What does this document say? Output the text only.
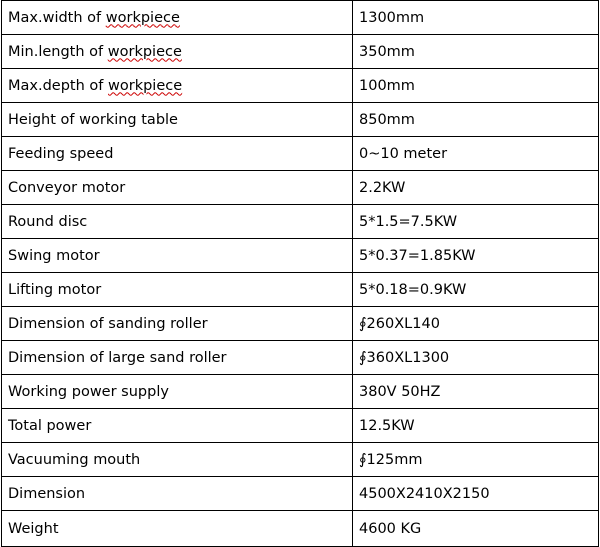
Max.width of workpiece	1300mm
Min.length of workpiece	350mm
Max.depth of workpiece	100mm
Height of working table	850mm
Feeding speed	0~10 meter
Conveyor motor	2.2KW
Round disc	5*1.5=7.5KW
Swing motor	5*0.37=1.85KW
Lifting motor	5*0.18=0.9KW
Dimension of sanding roller	∮260XL140
Dimension of large sand roller	∮360XL1300
Working power supply	380V 50HZ
Total power	12.5KW
Vacuuming mouth	∮125mm
Dimension	4500X2410X2150
Weight	4600 KG
